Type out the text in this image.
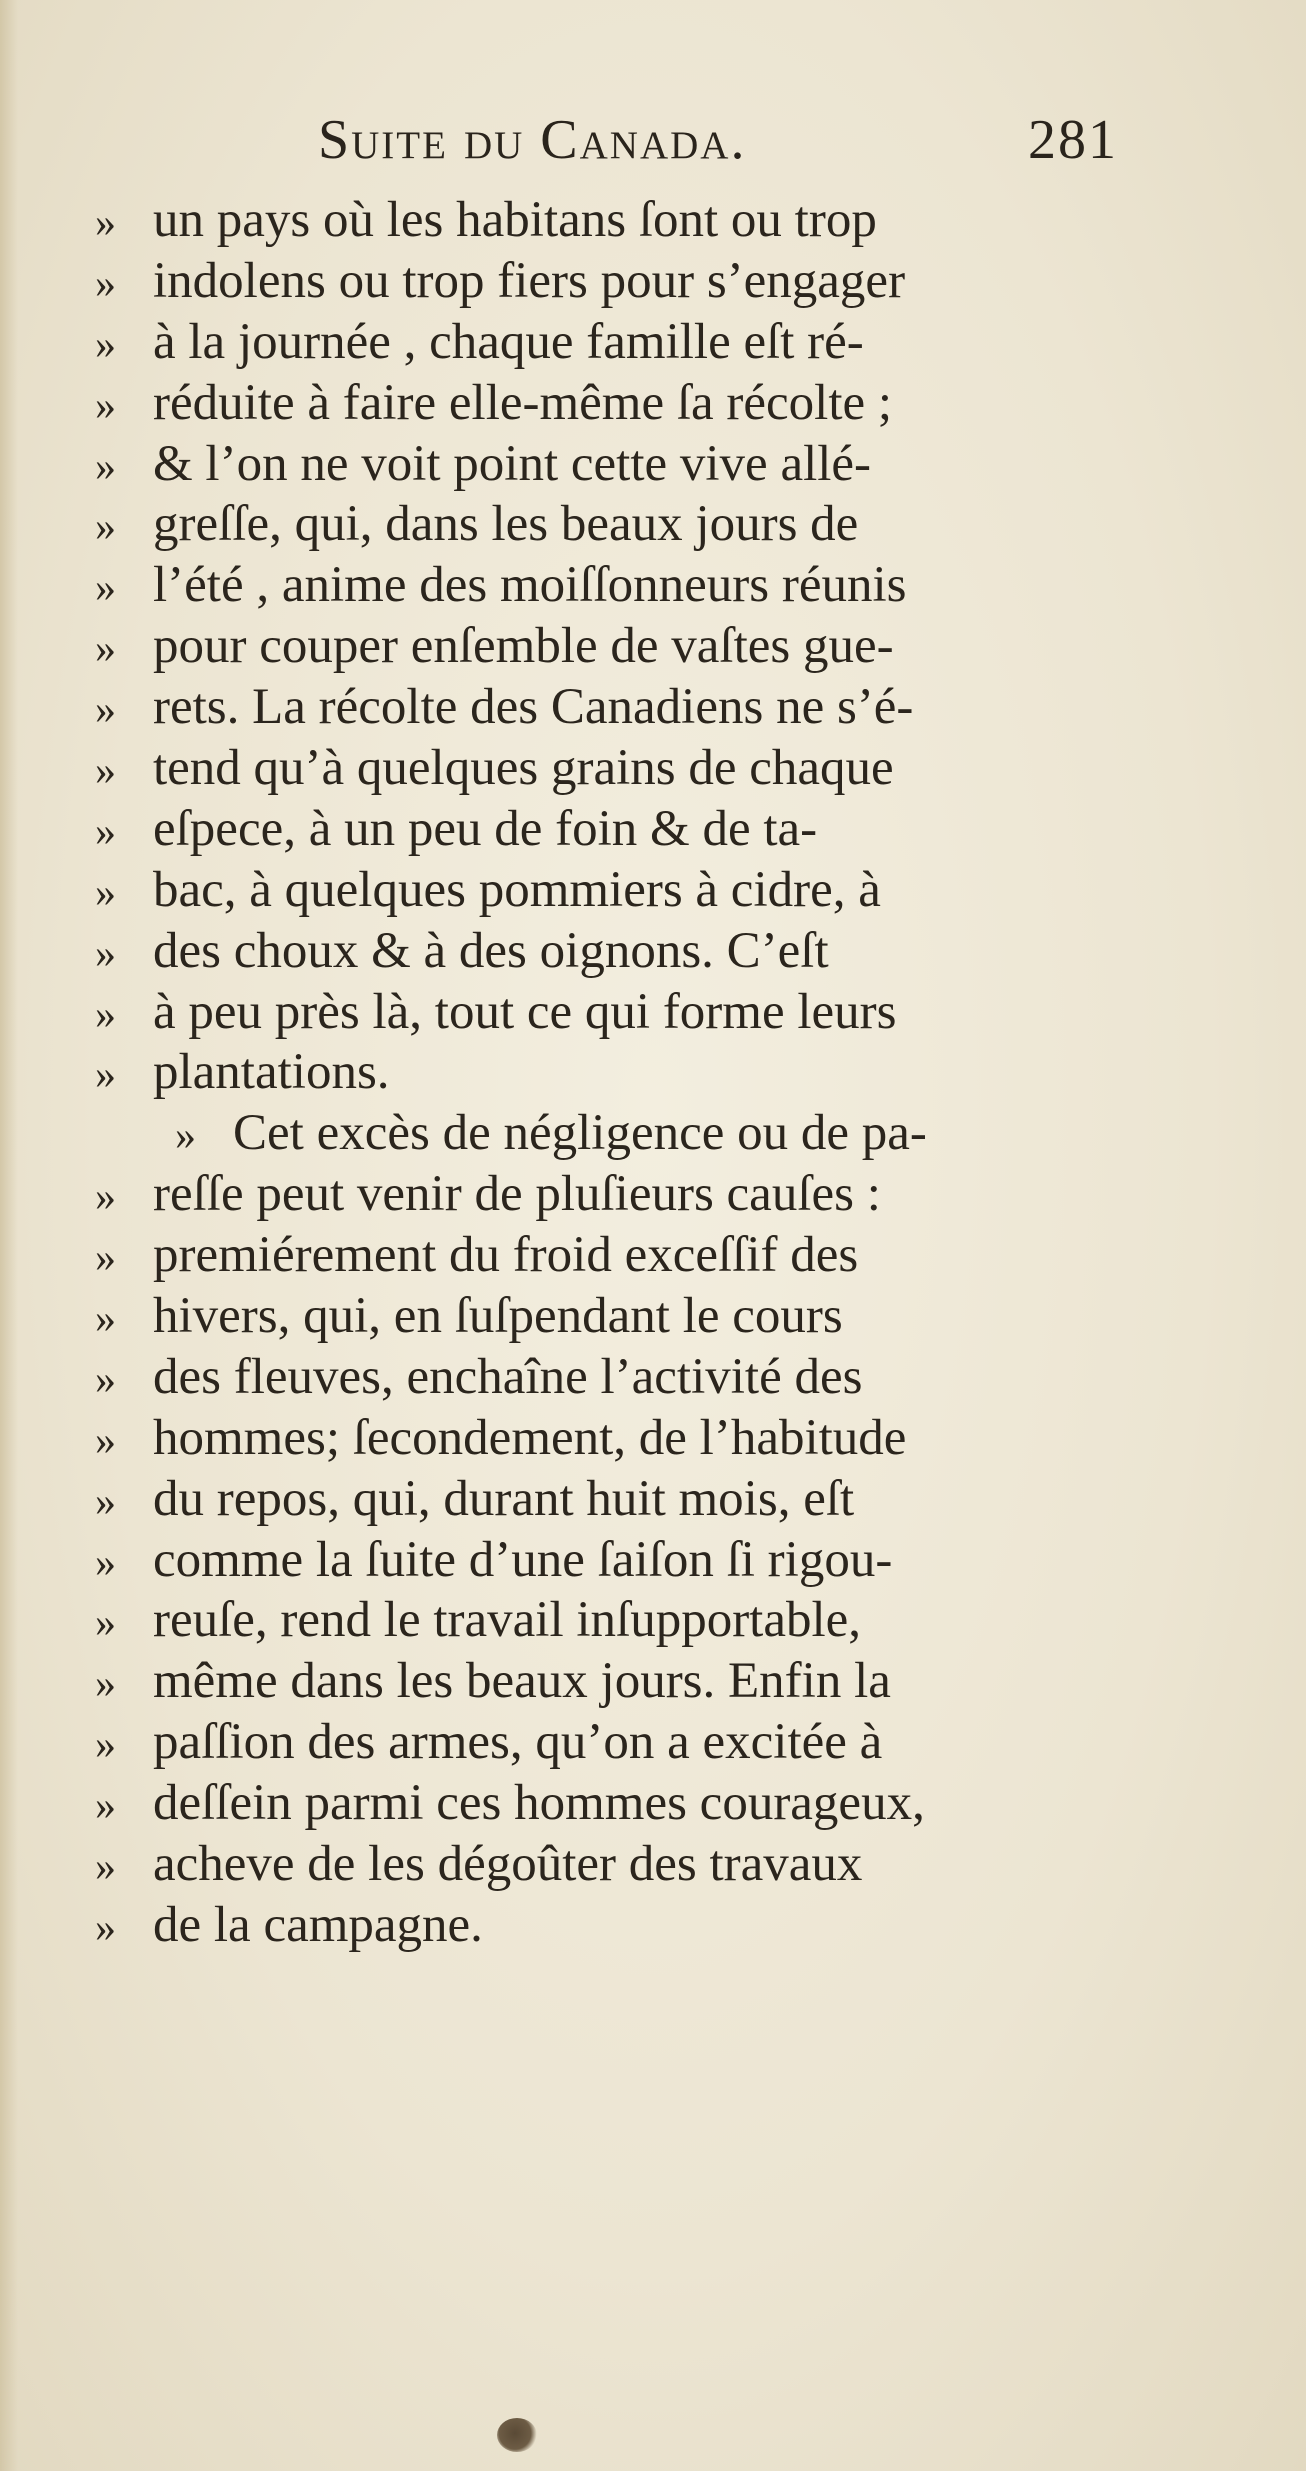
Suite du Canada.	281
» un pays où les habitans ſont ou trop
» indolens ou trop fiers pour s’engager
» à la journée , chaque famille eſt ré-
» réduite à faire elle-même ſa récolte ;
» & l’on ne voit point cette vive allé-
» greſſe, qui, dans les beaux jours de
» l’été , anime des moiſſonneurs réunis
» pour couper enſemble de vaſtes gue-
» rets. La récolte des Canadiens ne s’é-
» tend qu’à quelques grains de chaque
» eſpece, à un peu de foin & de ta-
» bac, à quelques pommiers à cidre, à
» des choux & à des oignons. C’eſt
» à peu près là, tout ce qui forme leurs
» plantations.
» Cet excès de négligence ou de pa-
» reſſe peut venir de pluſieurs cauſes :
» premiérement du froid exceſſif des
» hivers, qui, en ſuſpendant le cours
» des fleuves, enchaîne l’activité des
» hommes; ſecondement, de l’habitude
» du repos, qui, durant huit mois, eſt
» comme la ſuite d’une ſaiſon ſi rigou-
» reuſe, rend le travail inſupportable,
» même dans les beaux jours. Enfin la
» paſſion des armes, qu’on a excitée à
» deſſein parmi ces hommes courageux,
» acheve de les dégoûter des travaux
» de la campagne.
